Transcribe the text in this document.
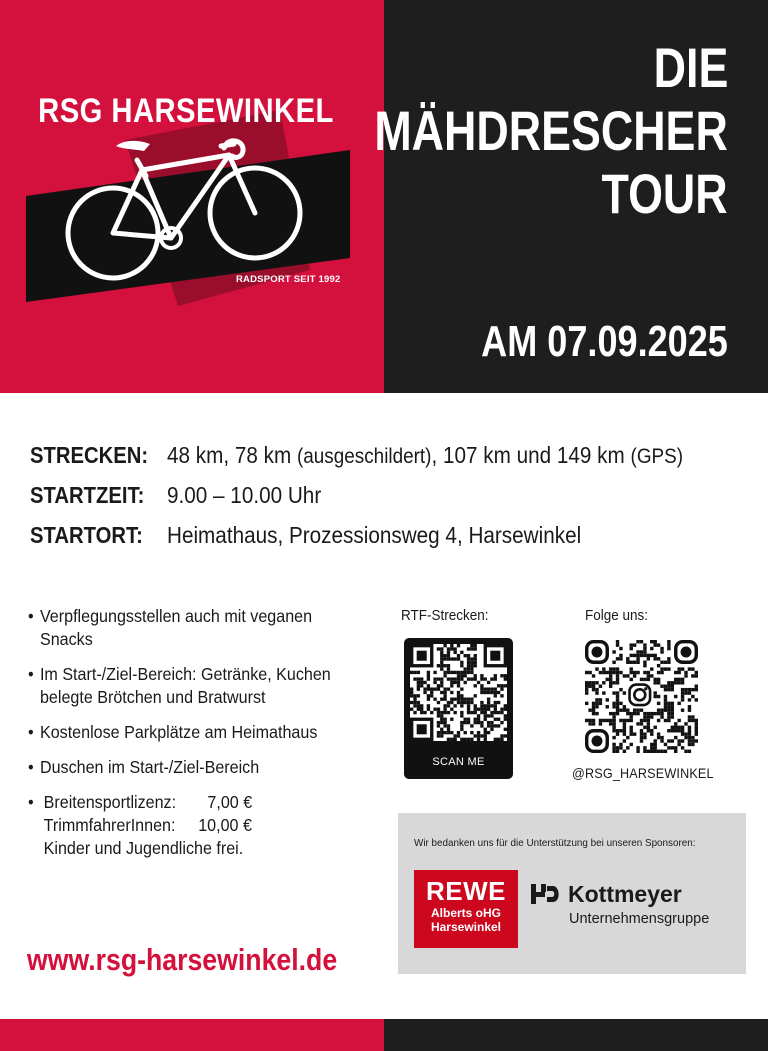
RSG HARSEWINKEL
RADSPORT SEIT 1992
DIE
MÄHDRESCHER
TOUR
AM 07.09.2025
STRECKEN: 48 km, 78 km (ausgeschildert), 107 km und 149 km (GPS)
STARTZEIT: 9.00 – 10.00 Uhr
STARTORT: Heimathaus, Prozessionsweg 4, Harsewinkel
• Verpflegungsstellen auch mit veganen Snacks
• Im Start-/Ziel-Bereich: Getränke, Kuchen belegte Brötchen und Bratwurst
• Kostenlose Parkplätze am Heimathaus
• Duschen im Start-/Ziel-Bereich
• Breitensportlizenz: 7,00 €
TrimmfahrerInnen: 10,00 €
Kinder und Jugendliche frei.
RTF-Strecken:	Folge uns:
SCAN ME
@RSG_HARSEWINKEL
Wir bedanken uns für die Unterstützung bei unseren Sponsoren:
REWE
Alberts oHG
Harsewinkel
Kottmeyer
Unternehmensgruppe
www.rsg-harsewinkel.de
